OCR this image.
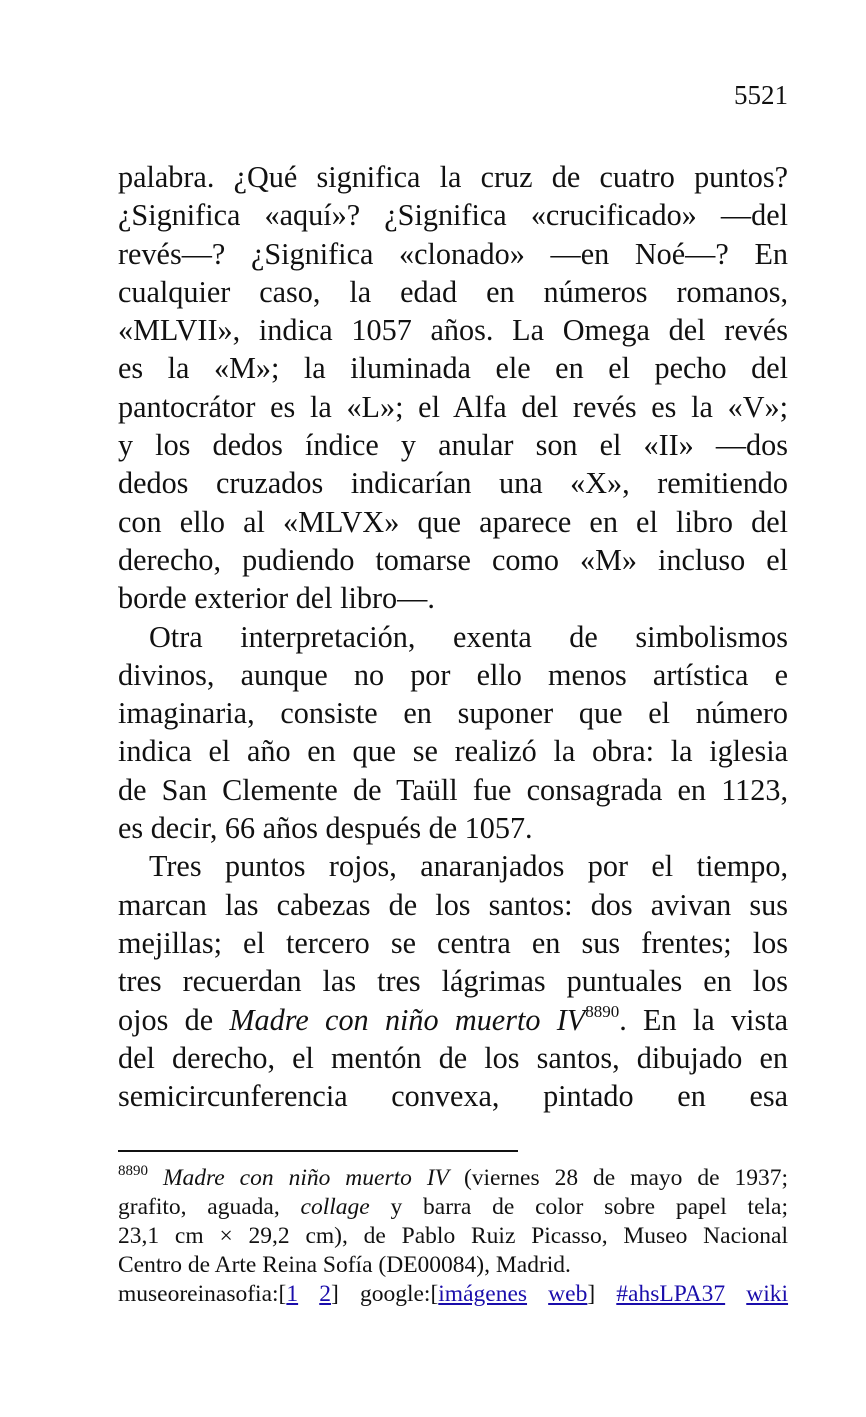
5521

palabra. ¿Qué significa la cruz de cuatro puntos?
¿Significa «aquí»? ¿Significa «crucificado» —del
revés—? ¿Significa «clonado» —en Noé—? En
cualquier caso, la edad en números romanos,
«MLVII», indica 1057 años. La Omega del revés
es la «M»; la iluminada ele en el pecho del
pantocrátor es la «L»; el Alfa del revés es la «V»;
y los dedos índice y anular son el «II» —dos
dedos cruzados indicarían una «X», remitiendo
con ello al «MLVX» que aparece en el libro del
derecho, pudiendo tomarse como «M» incluso el
borde exterior del libro—.

Otra interpretación, exenta de simbolismos
divinos, aunque no por ello menos artística e
imaginaria, consiste en suponer que el número
indica el año en que se realizó la obra: la iglesia
de San Clemente de Taüll fue consagrada en 1123,
es decir, 66 años después de 1057.

Tres puntos rojos, anaranjados por el tiempo,
marcan las cabezas de los santos: dos avivan sus
mejillas; el tercero se centra en sus frentes; los
tres recuerdan las tres lágrimas puntuales en los
ojos de Madre con niño muerto IV$^{8890}$. En la vista
del derecho, el mentón de los santos, dibujado en
semicircunferencia convexa, pintado en esa

$^{8890}$ Madre con niño muerto IV (viernes 28 de mayo de 1937;
grafito, aguada, collage y barra de color sobre papel tela;
23,1 cm × 29,2 cm), de Pablo Ruiz Picasso, Museo Nacional
Centro de Arte Reina Sofía (DE00084), Madrid.
museoreinasofia:[1 2] google:[imágenes web] #ahsLPA37 wiki
